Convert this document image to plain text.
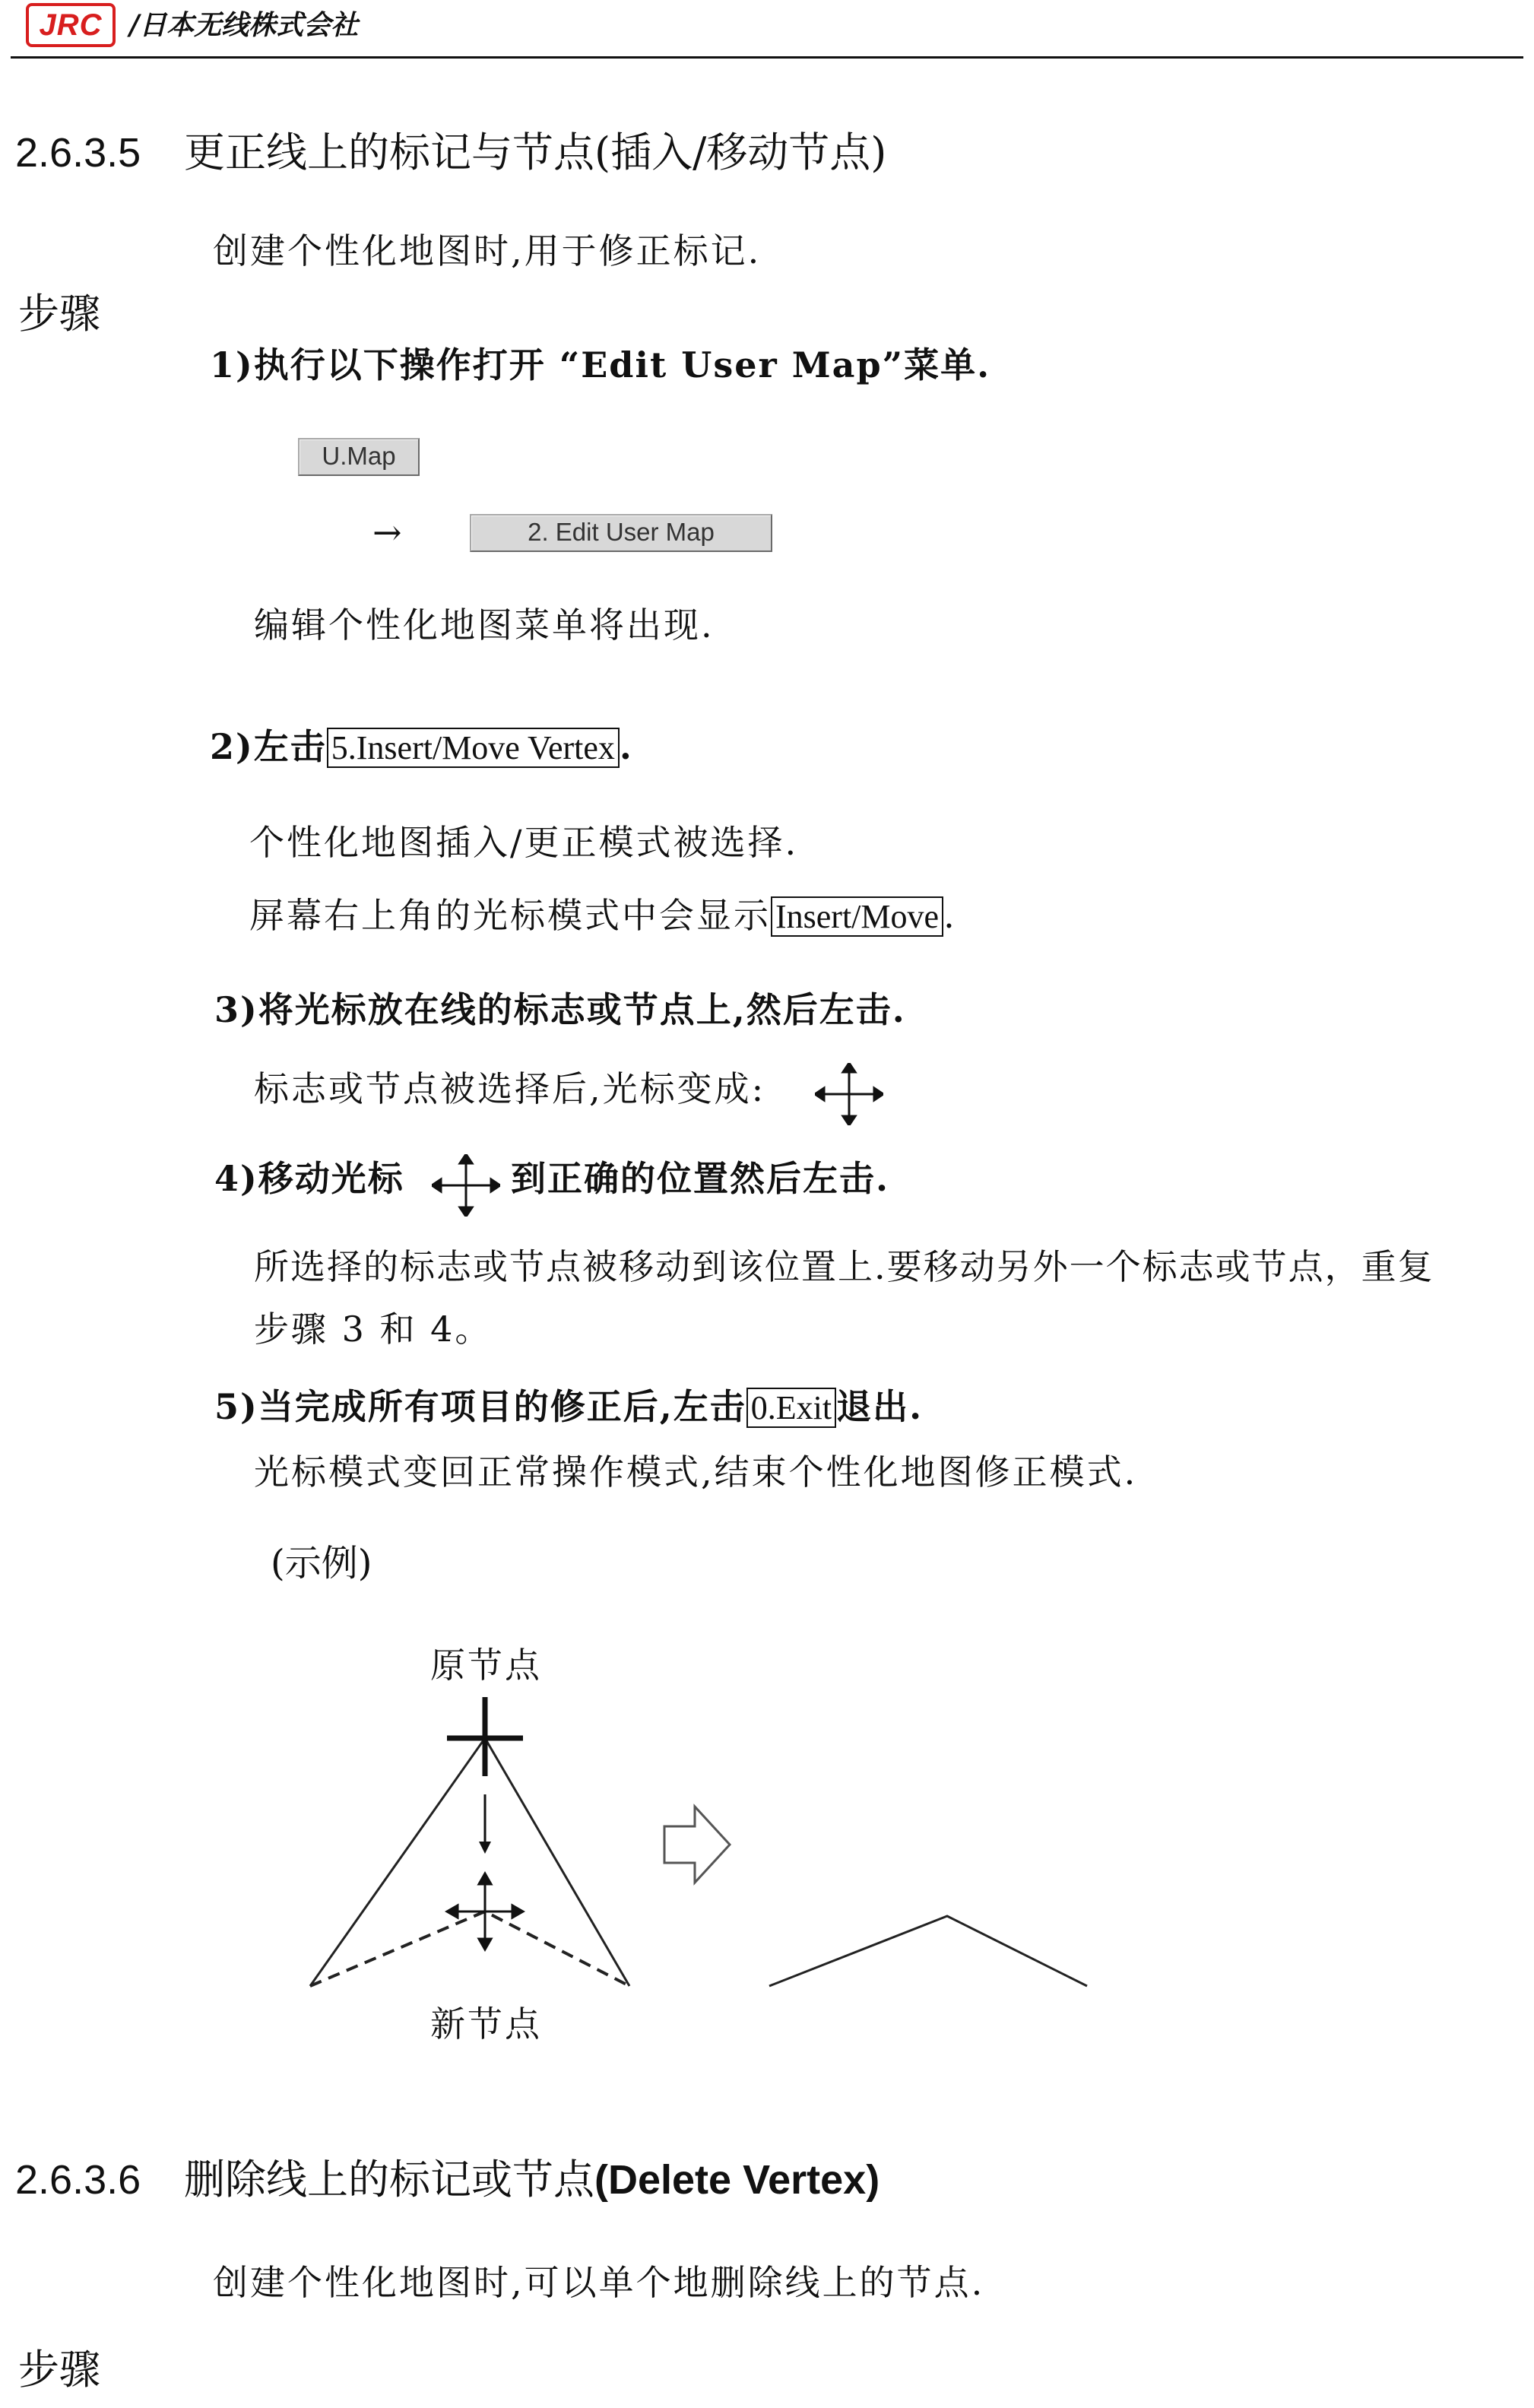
JRC /日本无线株式会社
2.6.3.5 更正线上的标记与节点(插入/移动节点)
创建个性化地图时,用于修正标记.
步骤
1)执行以下操作打开 “Edit User Map”菜单.
U.Map
→	2. Edit User Map
编辑个性化地图菜单将出现.
2)左击 5.Insert/Move Vertex .
个性化地图插入/更正模式被选择.
屏幕右上角的光标模式中会显示 Insert/Move .
3)将光标放在线的标志或节点上,然后左击.
标志或节点被选择后,光标变成:
4)移动光标	到正确的位置然后左击.
所选择的标志或节点被移动到该位置上.要移动另外一个标志或节点，重复
步骤 3 和 4。
5)当完成所有项目的修正后,左击 0.Exit 退出.
光标模式变回正常操作模式,结束个性化地图修正模式.
(示例)
原节点
新节点
2.6.3.6 删除线上的标记或节点(Delete Vertex)
创建个性化地图时,可以单个地删除线上的节点.
步骤
